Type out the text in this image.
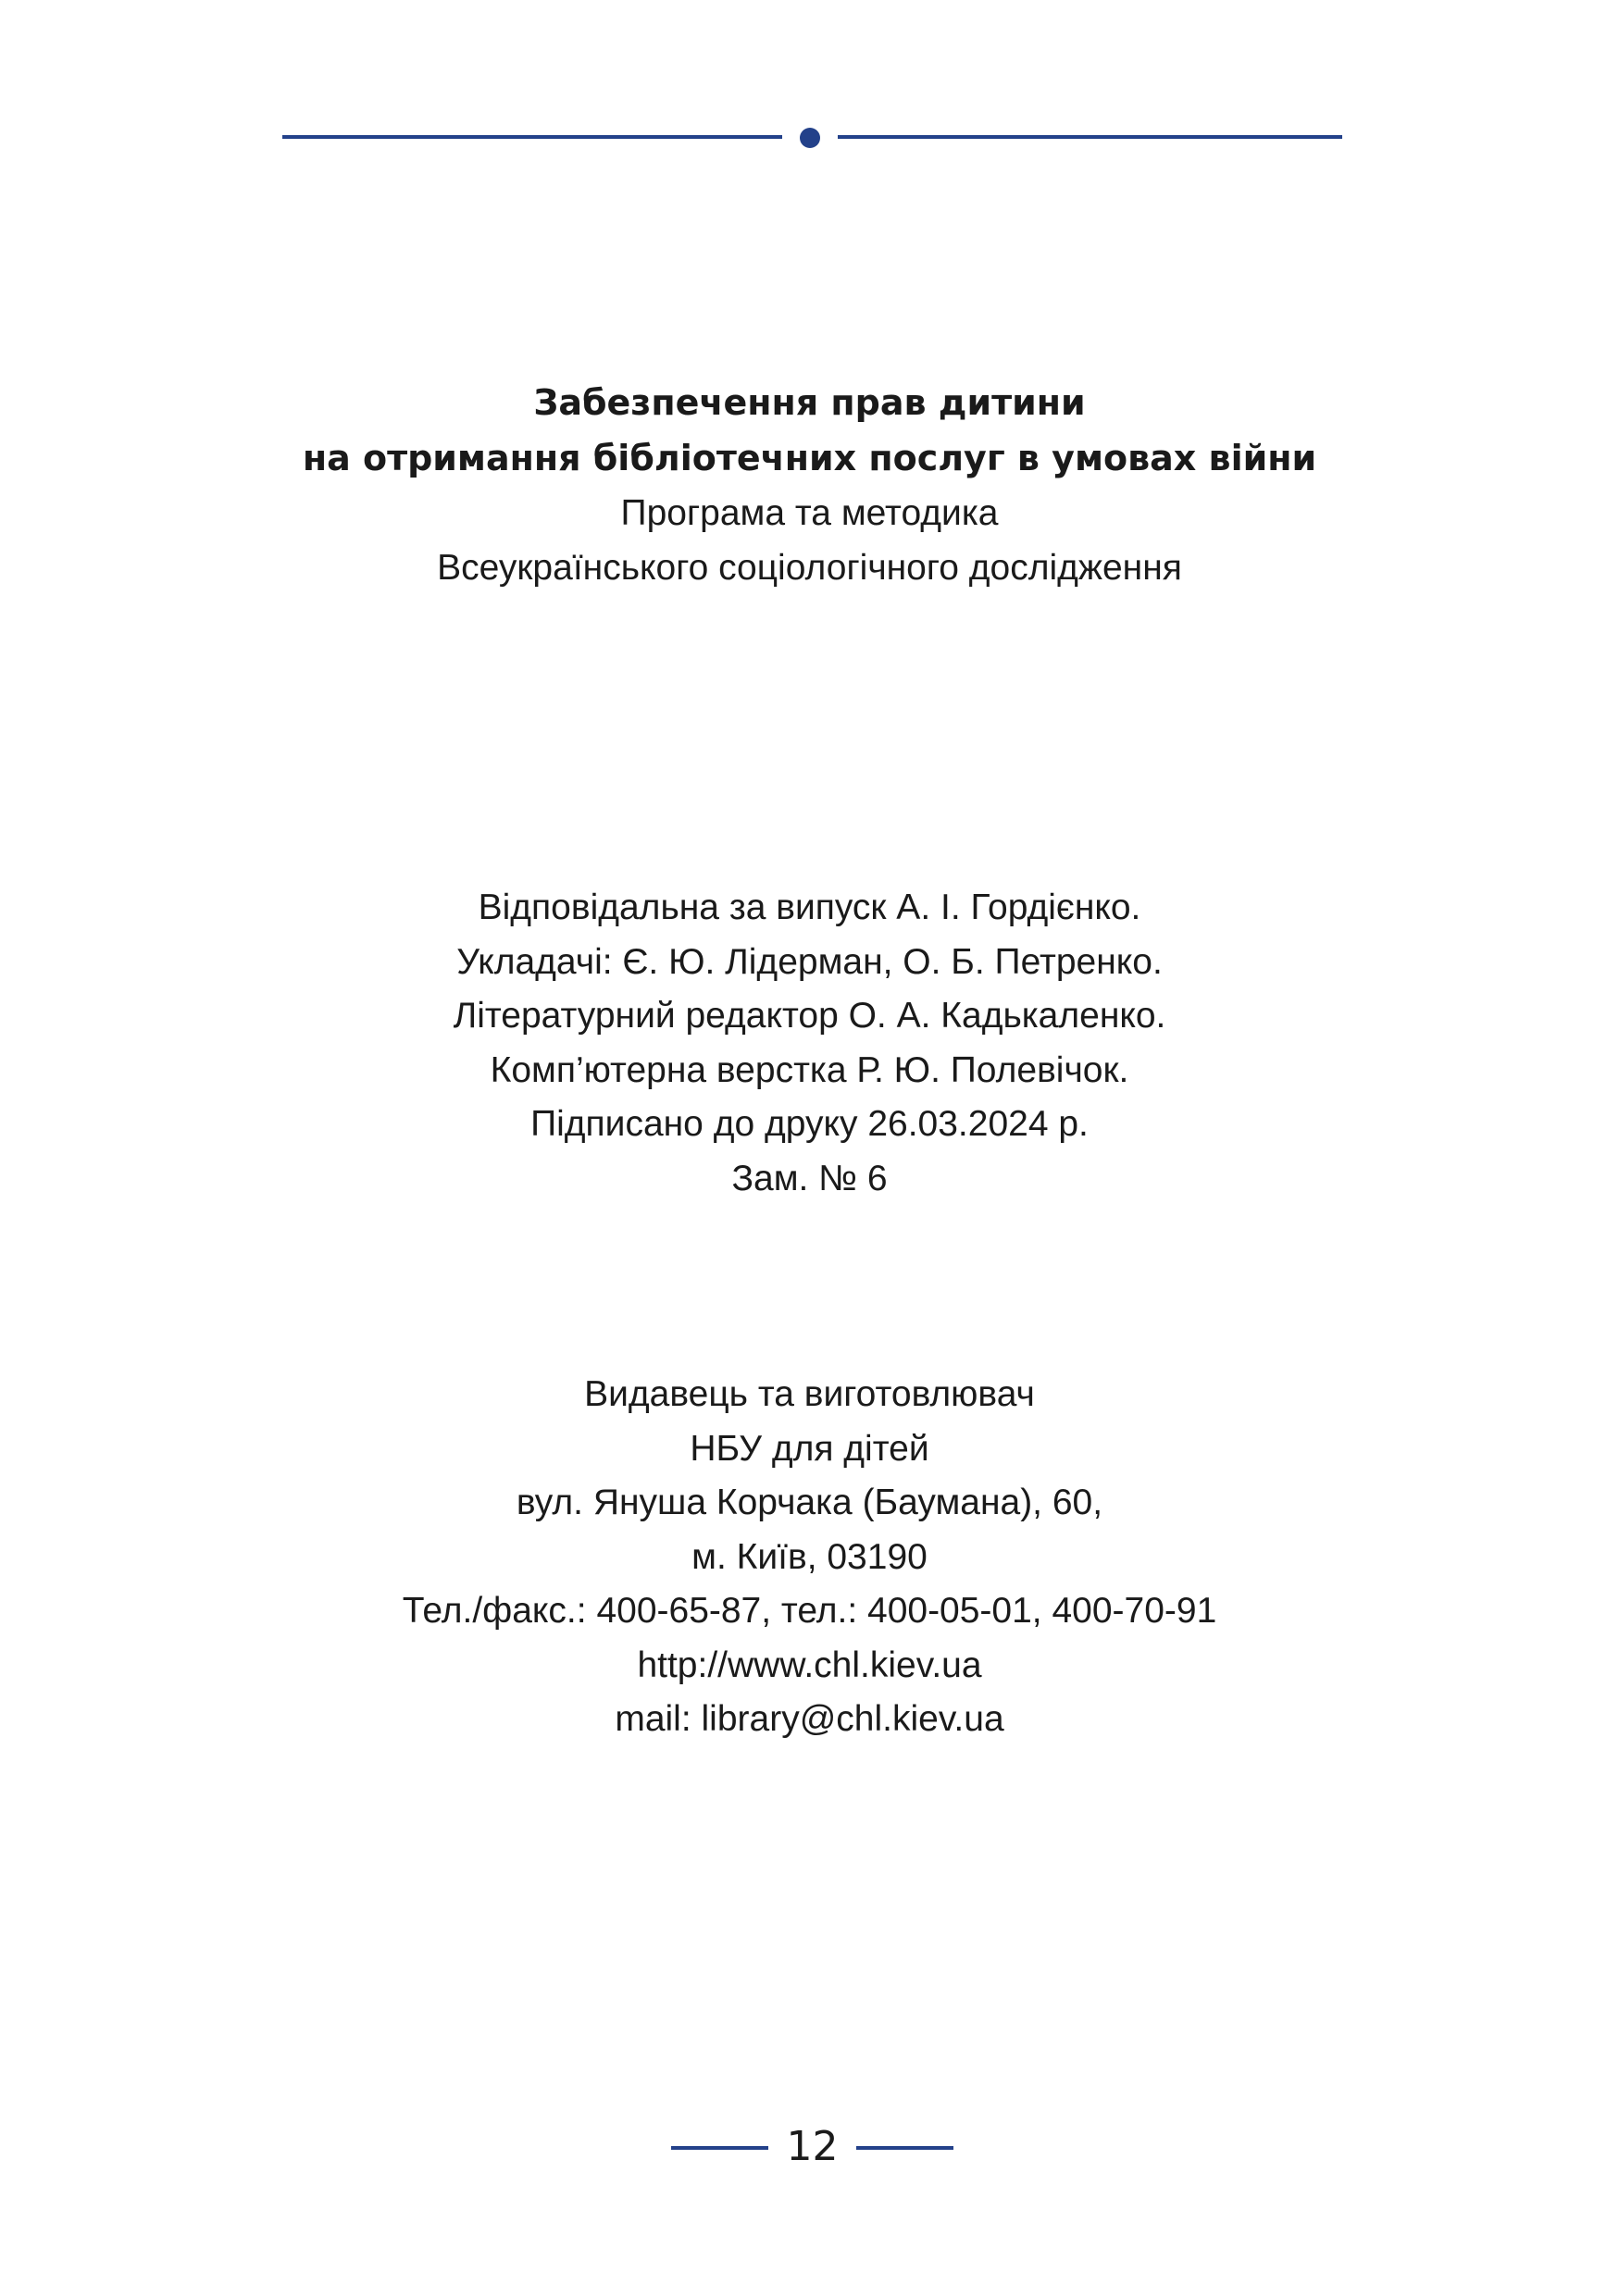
Забезпечення прав дитини
на отримання бібліотечних послуг в умовах війни
Програма та методика
Всеукраїнського соціологічного дослідження
Відповідальна за випуск А. І. Гордієнко.
Укладачі: Є. Ю. Лідерман, О. Б. Петренко.
Літературний редактор О. А. Кадькаленко.
Комп’ютерна верстка Р. Ю. Полевічок.
Підписано до друку 26.03.2024 р.
Зам. № 6
Видавець та виготовлювач
НБУ для дітей
вул. Януша Корчака (Баумана), 60,
м. Київ, 03190
Тел./факс.: 400-65-87, тел.: 400-05-01, 400-70-91
http://www.chl.kiev.ua
mail: library@chl.kiev.ua
12
